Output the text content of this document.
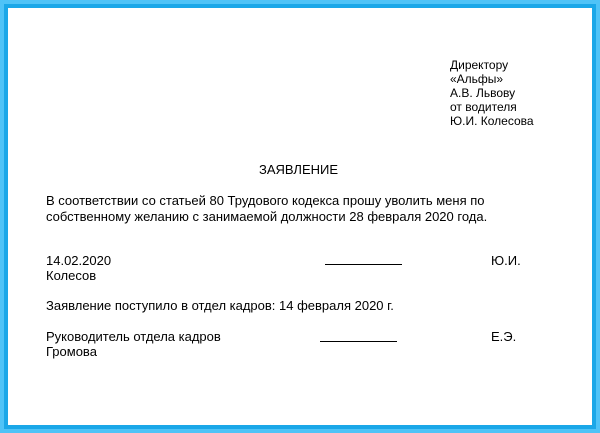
Директору
«Альфы»
А.В. Львову
от водителя
Ю.И. Колесова
ЗАЯВЛЕНИЕ
В соответствии со статьей 80 Трудового кодекса прошу уволить меня по
собственному желанию с занимаемой должности 28 февраля 2020 года.
14.02.2020	Ю.И.
Колесов
Заявление поступило в отдел кадров: 14 февраля 2020 г.
Руководитель отдела кадров	Е.Э.
Громова
